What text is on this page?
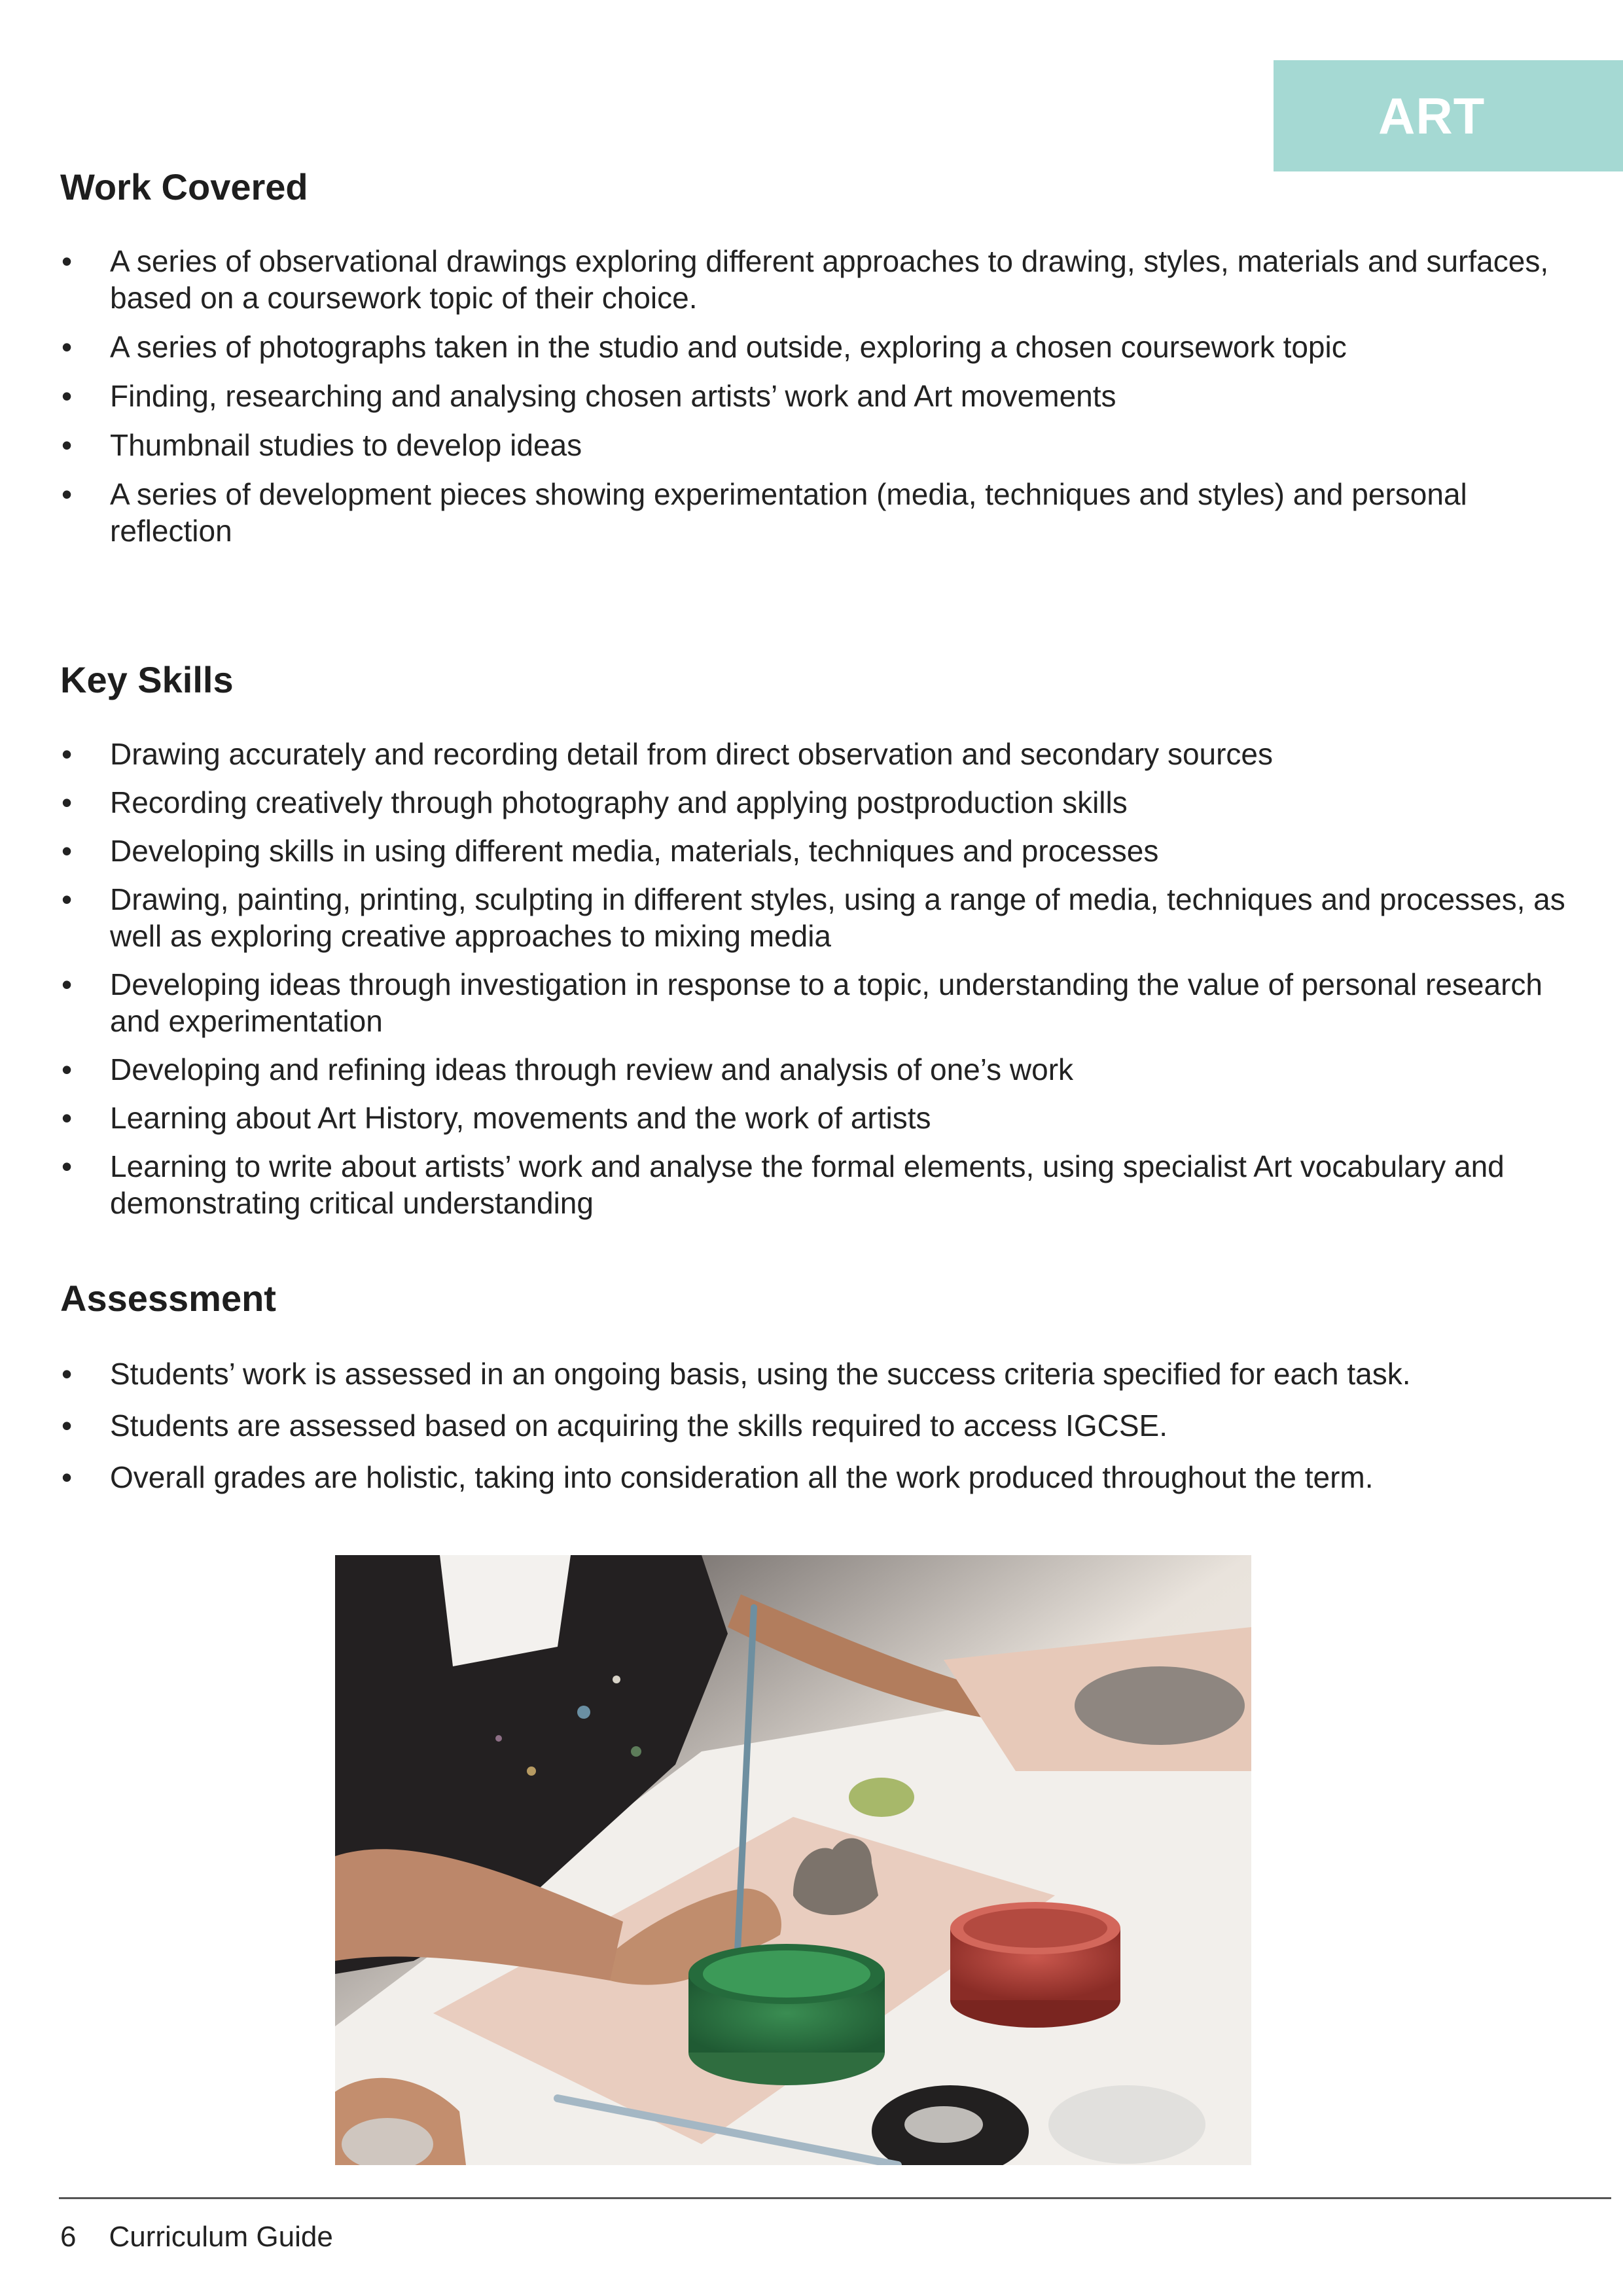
ART
Work Covered
• A series of observational drawings exploring different approaches to drawing, styles, materials and surfaces, based on a coursework topic of their choice.
• A series of photographs taken in the studio and outside, exploring a chosen coursework topic
• Finding, researching and analysing chosen artists’ work and Art movements
• Thumbnail studies to develop ideas
• A series of development pieces showing experimentation (media, techniques and styles) and personal reflection
Key Skills
• Drawing accurately and recording detail from direct observation and secondary sources
• Recording creatively through photography and applying postproduction skills
• Developing skills in using different media, materials, techniques and processes
• Drawing, painting, printing, sculpting in different styles, using a range of media, techniques and processes, as well as exploring creative approaches to mixing media
• Developing ideas through investigation in response to a topic, understanding the value of personal research and experimentation
• Developing and refining ideas through review and analysis of one’s work
• Learning about Art History, movements and the work of artists
• Learning to write about artists’ work and analyse the formal elements, using specialist Art vocabulary and demonstrating critical understanding
Assessment
• Students’ work is assessed in an ongoing basis, using the success criteria specified for each task.
• Students are assessed based on acquiring the skills required to access IGCSE.
• Overall grades are holistic, taking into consideration all the work produced throughout the term.
6 Curriculum Guide
